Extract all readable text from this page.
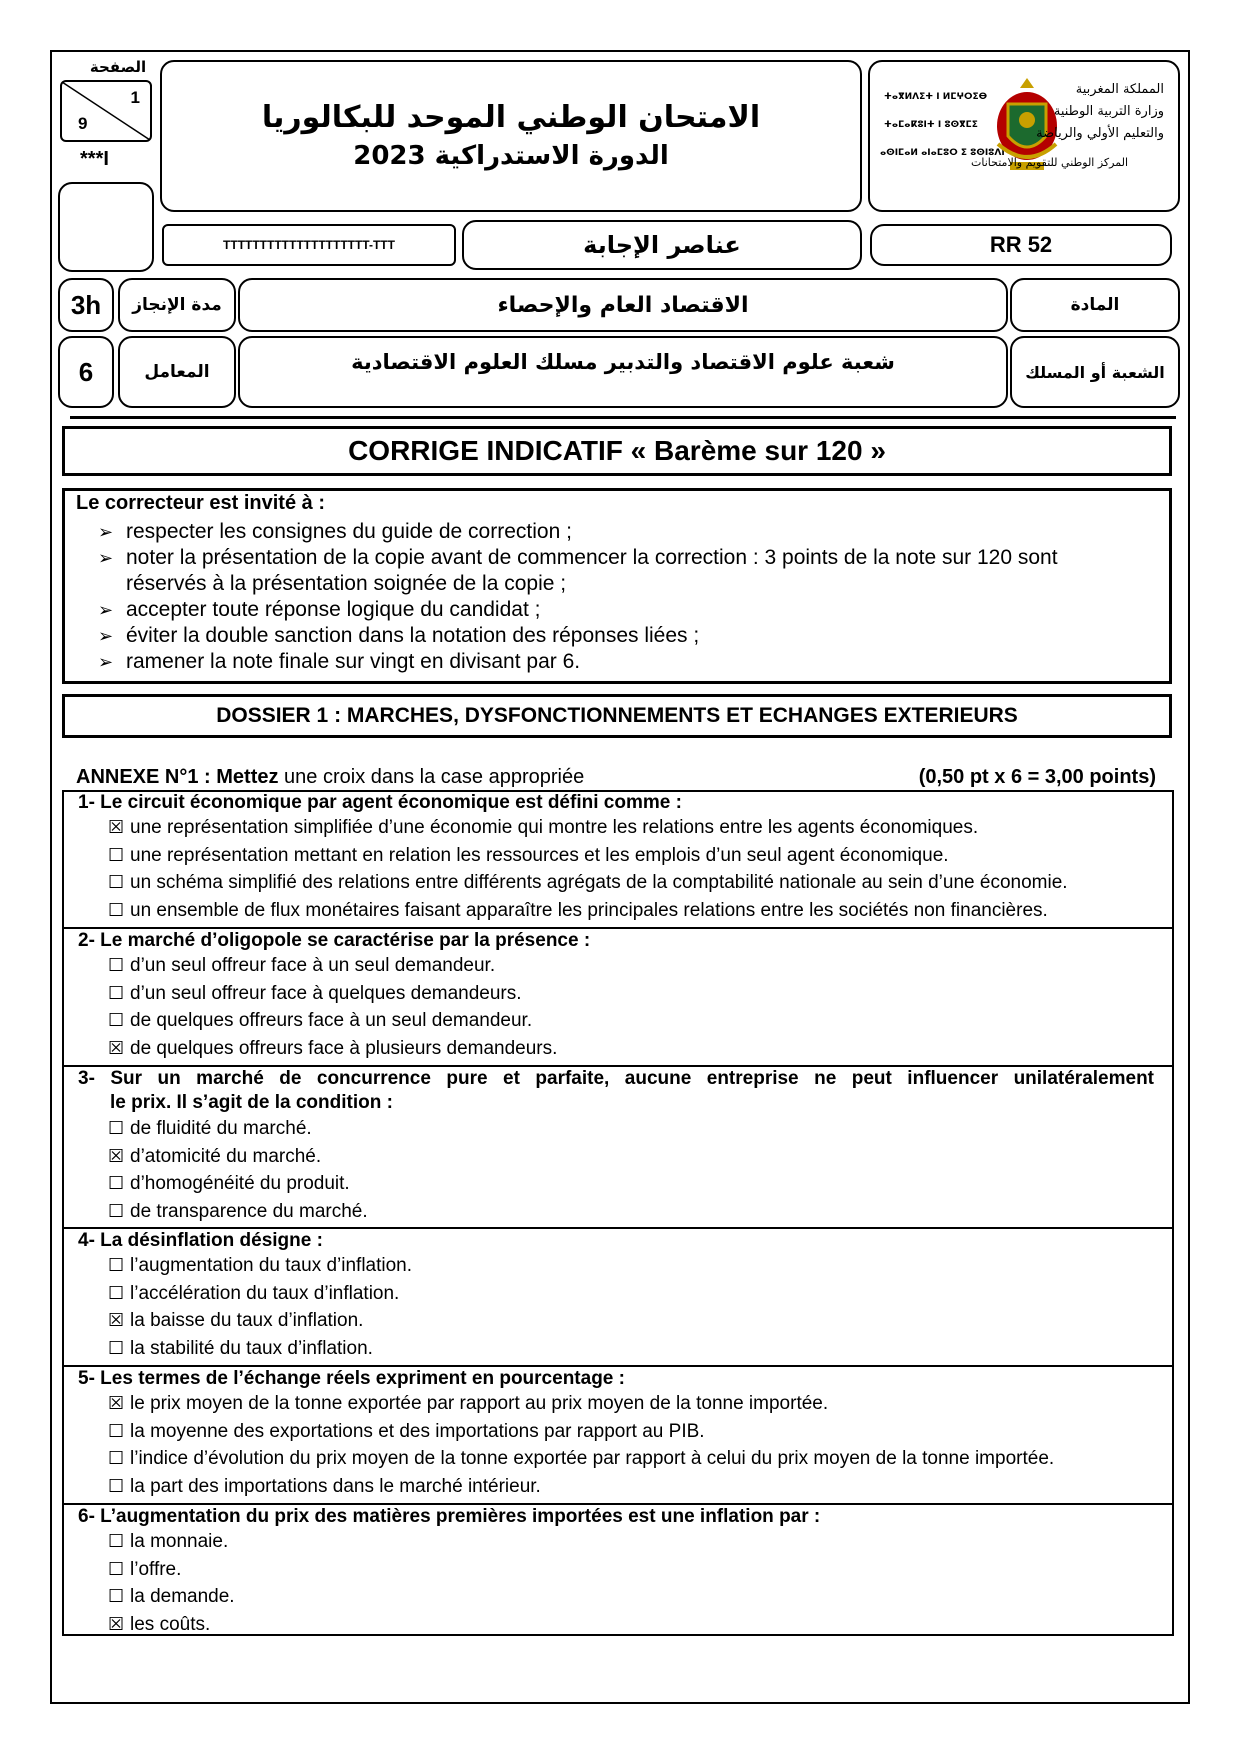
الصفحة
1
9
***I
الامتحان الوطني الموحد للبكالوريا
الدورة الاستدراكية 2023
ⵜⴰⴳⵍⴷⵉⵜ ⵏ ⵍⵎⵖⵔⵉⴱ
ⵜⴰⵎⴰⴽⵓⵏⵜ ⵏ ⵓⵙⴳⵎⵉ
ⴰⵙⵏⵎⴰⵍ ⴰⵏⴰⵎⵓⵔ ⵉ ⵓⵙⵏⵓⴷⵏ
المملكة المغربية
وزارة التربية الوطنية
والتعليم الأولي والرياضة
المركز الوطني للتقويم والامتحانات
TTTTTTTTTTTTTTTTTTTT-TTT	عناصر الإجابة	RR 52
3h مدة الإنجاز	الاقتصاد العام والإحصاء	المادة
6	المعامل	شعبة علوم الاقتصاد والتدبير مسلك العلوم الاقتصادية	الشعبة أو المسلك
CORRIGE INDICATIF « Barème sur 120 »
Le correcteur est invité à :
➢ respecter les consignes du guide de correction ;
➢ noter la présentation de la copie avant de commencer la correction : 3 points de la note sur 120 sont
réservés à la présentation soignée de la copie ;
➢ accepter toute réponse logique du candidat ;
➢ éviter la double sanction dans la notation des réponses liées ;
➢ ramener la note finale sur vingt en divisant par 6.
DOSSIER 1 : MARCHES, DYSFONCTIONNEMENTS ET ECHANGES EXTERIEURS
ANNEXE N°1 : Mettez une croix dans la case appropriée	(0,50 pt x 6 = 3,00 points)
1- Le circuit économique par agent économique est défini comme :
☒ une représentation simplifiée d’une économie qui montre les relations entre les agents économiques.
☐ une représentation mettant en relation les ressources et les emplois d’un seul agent économique.
☐ un schéma simplifié des relations entre différents agrégats de la comptabilité nationale au sein d’une économie.
☐ un ensemble de flux monétaires faisant apparaître les principales relations entre les sociétés non financières.
2- Le marché d’oligopole se caractérise par la présence :
☐ d’un seul offreur face à un seul demandeur.
☐ d’un seul offreur face à quelques demandeurs.
☐ de quelques offreurs face à un seul demandeur.
☒ de quelques offreurs face à plusieurs demandeurs.
3- Sur un marché de concurrence pure et parfaite, aucune entreprise ne peut influencer unilatéralement
le prix. Il s’agit de la condition :
☐ de fluidité du marché.
☒ d’atomicité du marché.
☐ d’homogénéité du produit.
☐ de transparence du marché.
4- La désinflation désigne :
☐ l’augmentation du taux d’inflation.
☐ l’accélération du taux d’inflation.
☒ la baisse du taux d’inflation.
☐ la stabilité du taux d’inflation.
5- Les termes de l’échange réels expriment en pourcentage :
☒ le prix moyen de la tonne exportée par rapport au prix moyen de la tonne importée.
☐ la moyenne des exportations et des importations par rapport au PIB.
☐ l’indice d’évolution du prix moyen de la tonne exportée par rapport à celui du prix moyen de la tonne importée.
☐ la part des importations dans le marché intérieur.
6- L’augmentation du prix des matières premières importées est une inflation par :
☐ la monnaie.
☐ l’offre.
☐ la demande.
☒ les coûts.
